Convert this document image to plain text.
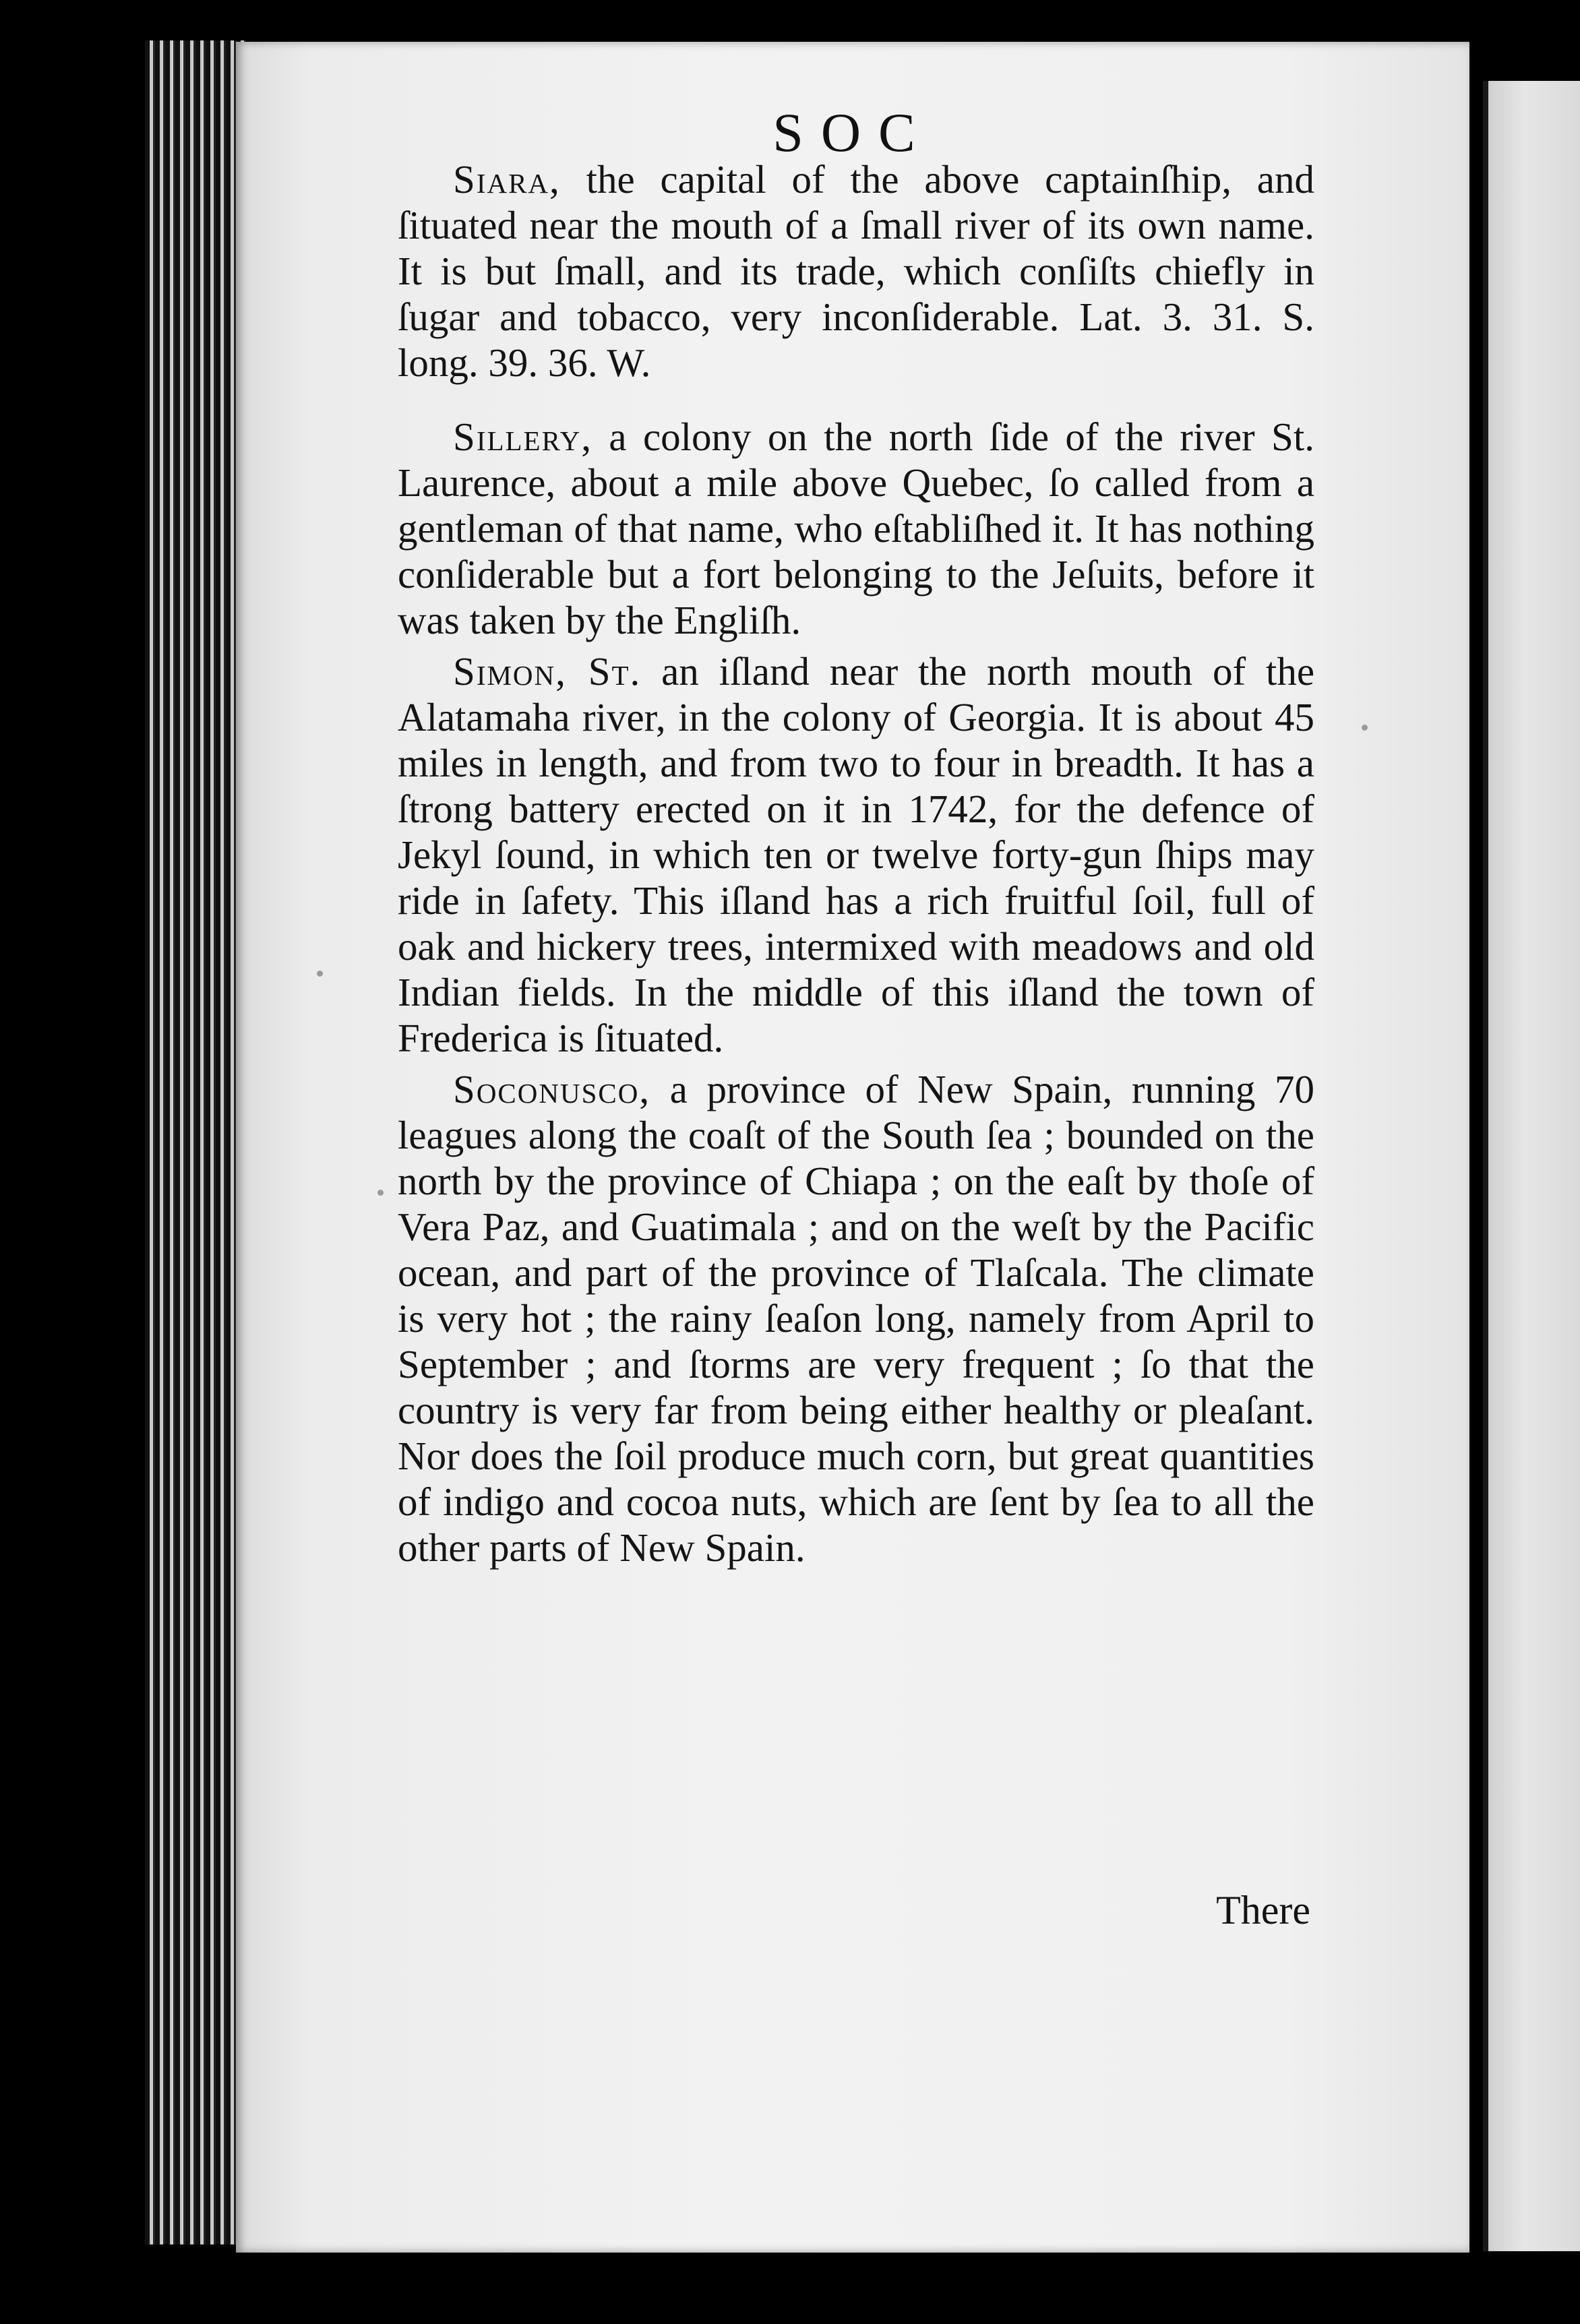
SOC

Siara, the capital of the above captainſhip, and ſituated near the mouth of a ſmall river of its own name. It is but ſmall, and its trade, which conſiſts chiefly in ſugar and tobacco, very inconſiderable. Lat. 3. 31. S. long. 39. 36. W.

Sillery, a colony on the north ſide of the river St. Laurence, about a mile above Quebec, ſo called from a gentleman of that name, who eſtabliſhed it. It has nothing conſiderable but a fort belonging to the Jeſuits, before it was taken by the Engliſh.

Simon, St. an iſland near the north mouth of the Alatamaha river, in the colony of Georgia. It is about 45 miles in length, and from two to four in breadth. It has a ſtrong battery erected on it in 1742, for the defence of Jekyl ſound, in which ten or twelve forty-gun ſhips may ride in ſafety. This iſland has a rich fruitful ſoil, full of oak and hickery trees, intermixed with meadows and old Indian fields. In the middle of this iſland the town of Frederica is ſituated.

Soconusco, a province of New Spain, running 70 leagues along the coaſt of the South ſea ; bounded on the north by the province of Chiapa ; on the eaſt by thoſe of Vera Paz, and Guatimala ; and on the weſt by the Pacific ocean, and part of the province of Tlaſcala. The climate is very hot ; the rainy ſeaſon long, namely from April to September ; and ſtorms are very frequent ; ſo that the country is very far from being either healthy or pleaſant. Nor does the ſoil produce much corn, but great quantities of indigo and cocoa nuts, which are ſent by ſea to all the other parts of New Spain.

There
